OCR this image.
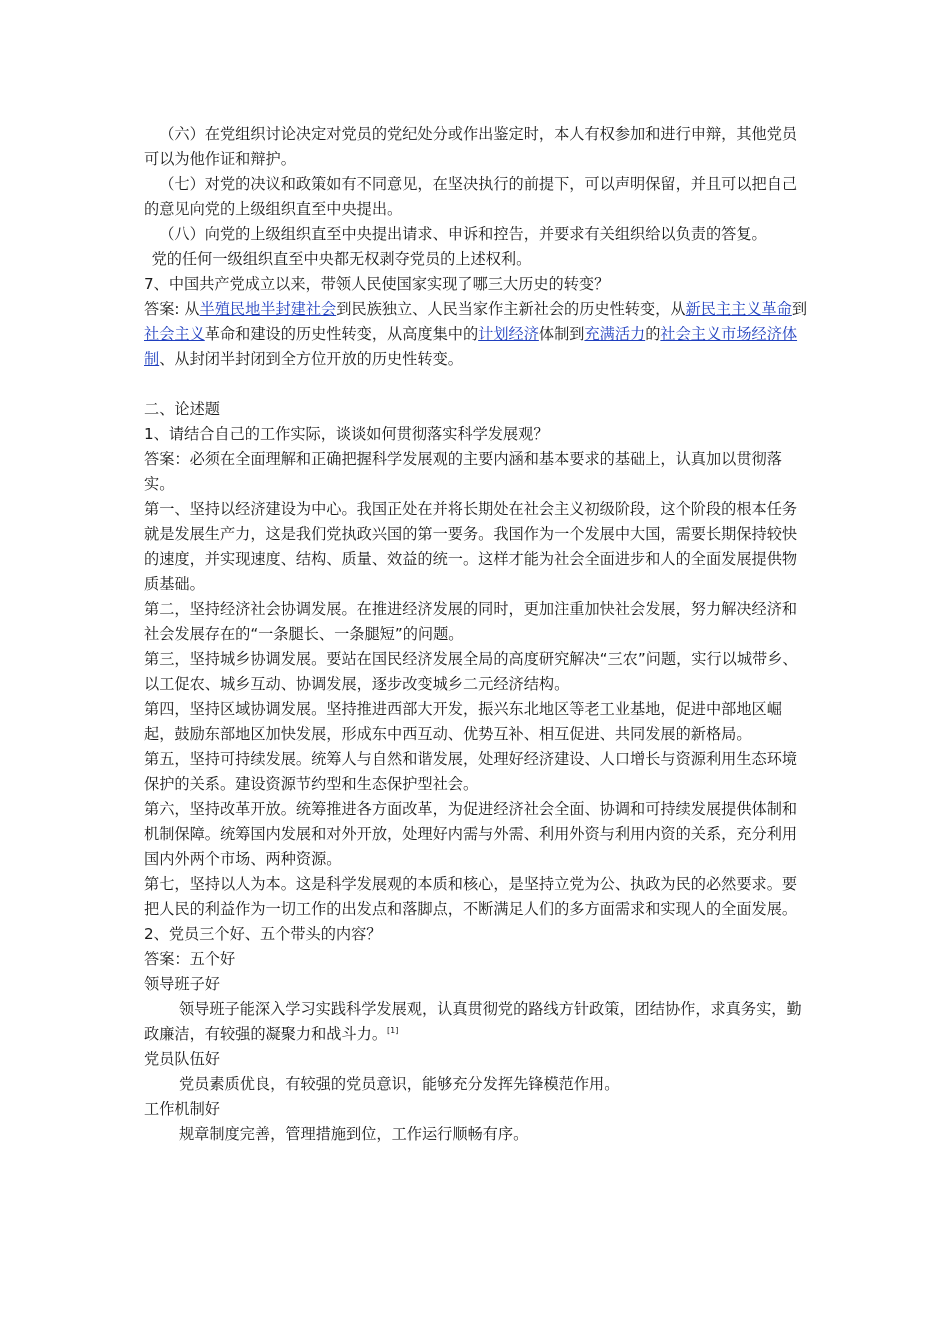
（六）在党组织讨论决定对党员的党纪处分或作出鉴定时，本人有权参加和进行申辩，其他党员可以为他作证和辩护。

（七）对党的决议和政策如有不同意见，在坚决执行的前提下，可以声明保留，并且可以把自己的意见向党的上级组织直至中央提出。

（八）向党的上级组织直至中央提出请求、申诉和控告，并要求有关组织给以负责的答复。

党的任何一级组织直至中央都无权剥夺党员的上述权利。

7、中国共产党成立以来，带领人民使国家实现了哪三大历史的转变？

答案: 从半殖民地半封建社会到民族独立、人民当家作主新社会的历史性转变，从新民主主义革命到社会主义革命和建设的历史性转变，从高度集中的计划经济体制到充满活力的社会主义市场经济体制、从封闭半封闭到全方位开放的历史性转变。

二、论述题

1、请结合自己的工作实际，谈谈如何贯彻落实科学发展观？

答案：必须在全面理解和正确把握科学发展观的主要内涵和基本要求的基础上，认真加以贯彻落实。

第一、坚持以经济建设为中心。我国正处在并将长期处在社会主义初级阶段，这个阶段的根本任务就是发展生产力，这是我们党执政兴国的第一要务。我国作为一个发展中大国，需要长期保持较快的速度，并实现速度、结构、质量、效益的统一。这样才能为社会全面进步和人的全面发展提供物质基础。

第二，坚持经济社会协调发展。在推进经济发展的同时，更加注重加快社会发展，努力解决经济和社会发展存在的“一条腿长、一条腿短”的问题。

第三，坚持城乡协调发展。要站在国民经济发展全局的高度研究解决“三农”问题，实行以城带乡、以工促农、城乡互动、协调发展，逐步改变城乡二元经济结构。

第四，坚持区域协调发展。坚持推进西部大开发，振兴东北地区等老工业基地，促进中部地区崛起，鼓励东部地区加快发展，形成东中西互动、优势互补、相互促进、共同发展的新格局。

第五，坚持可持续发展。统筹人与自然和谐发展，处理好经济建设、人口增长与资源利用生态环境保护的关系。建设资源节约型和生态保护型社会。

第六，坚持改革开放。统筹推进各方面改革，为促进经济社会全面、协调和可持续发展提供体制和机制保障。统筹国内发展和对外开放，处理好内需与外需、利用外资与利用内资的关系，充分利用国内外两个市场、两种资源。

第七，坚持以人为本。这是科学发展观的本质和核心，是坚持立党为公、执政为民的必然要求。要把人民的利益作为一切工作的出发点和落脚点，不断满足人们的多方面需求和实现人的全面发展。

2、党员三个好、五个带头的内容？

答案：五个好

领导班子好

领导班子能深入学习实践科学发展观，认真贯彻党的路线方针政策，团结协作，求真务实，勤政廉洁，有较强的凝聚力和战斗力。[1]

党员队伍好

党员素质优良，有较强的党员意识，能够充分发挥先锋模范作用。

工作机制好

规章制度完善，管理措施到位，工作运行顺畅有序。
